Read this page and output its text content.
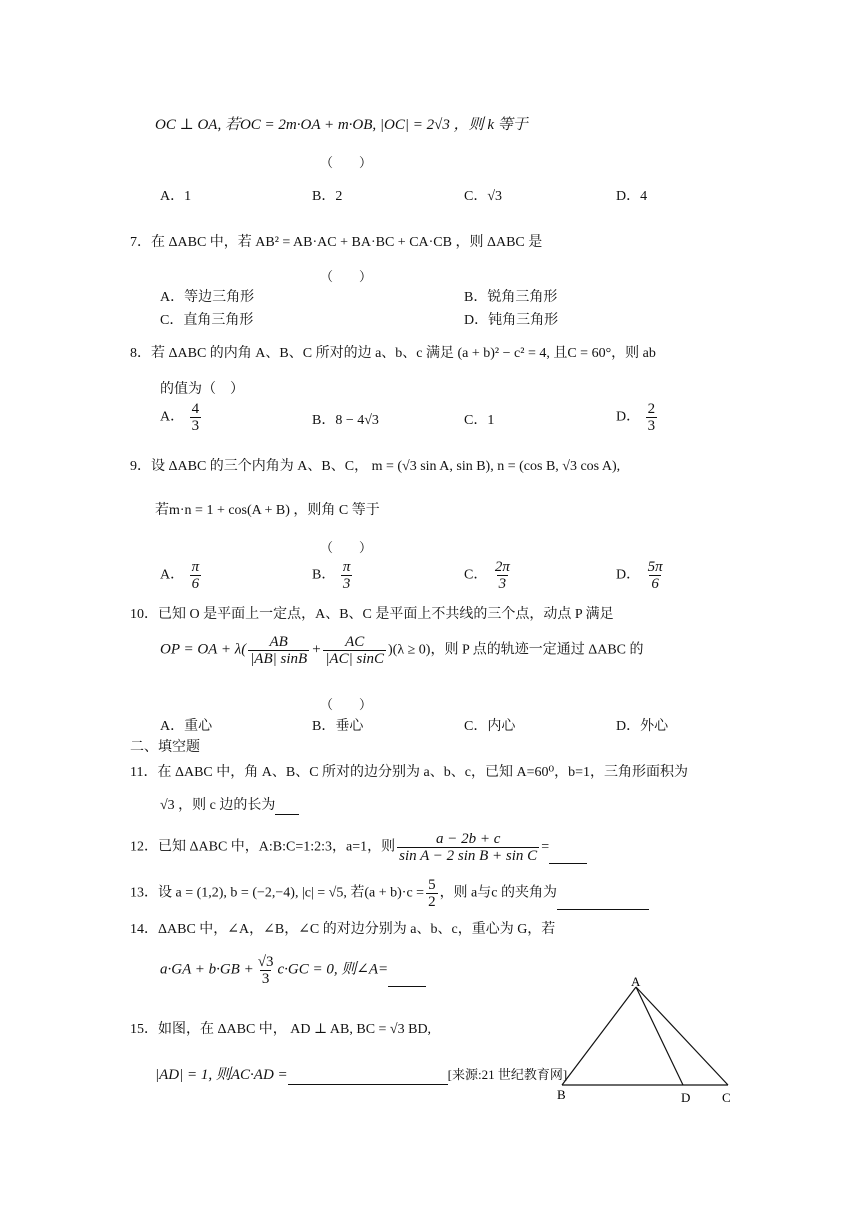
OC ⊥ OA, 若OC = 2m·OA + m·OB, |OC| = 2√3 ，则 k 等于
（　　）
A．1	B．2	C．√3	D．4
7．在 ΔABC 中，若 AB² = AB·AC + BA·BC + CA·CB ，则 ΔABC 是
（　　）
A．等边三角形	B．锐角三角形
C．直角三角形	D．钝角三角形
8．若 ΔABC 的内角 A、B、C 所对的边 a、b、c 满足 (a + b)² − c² = 4, 且C = 60°，则 ab
的值为（　）
A． $\frac{4}{3}$	B．8 − 4√3	C．1	D． $\frac{2}{3}$
9．设 ΔABC 的三个内角为 A、B、C， m = (√3 sin A, sin B), n = (cos B, √3 cos A),
若m·n = 1 + cos(A + B) ，则角 C 等于
（　　）
A． $\frac{\pi}{6}$	B． $\frac{\pi}{3}$	C． $\frac{2\pi}{3}$	D． $\frac{5\pi}{6}$
10．已知 O 是平面上一定点，A、B、C 是平面上不共线的三个点，动点 P 满足
OP = OA + $\lambda( \frac{AB}{|AB| \sin B} + \frac{AC}{|AC| \sin C} )(\lambda \ge 0)$，则 P 点的轨迹一定通过 ΔABC 的
（　　）
A．重心	B．垂心	C．内心	D．外心
二、填空题
11．在 ΔABC 中，角 A、B、C 所对的边分别为 a、b、c，已知 A=60⁰，b=1，三角形面积为
√3 ，则 c 边的长为
12．已知 ΔABC 中，A:B:C=1:2:3，a=1，则 $\frac{a - 2b + c}{\text{sin A − 2 sin B + sin C}}$ =
13．设 a = (1,2), b = (−2,−4), |c| = √5, 若$(a + b)\cdot c = \frac{5}{2}$ ，则 a与c 的夹角为
14．ΔABC 中，∠A，∠B，∠C 的对边分别为 a、b、c，重心为 G，若
$a\cdot GA + b\cdot GB + \frac{√3}{3} c\cdot GC = 0$, 则∠A=
15．如图，在 ΔABC 中， AD ⊥ AB, BC = √3 BD,
|AD| = 1, 则AC·AD =	[来源:21 世纪教育网]
A
B	D C
